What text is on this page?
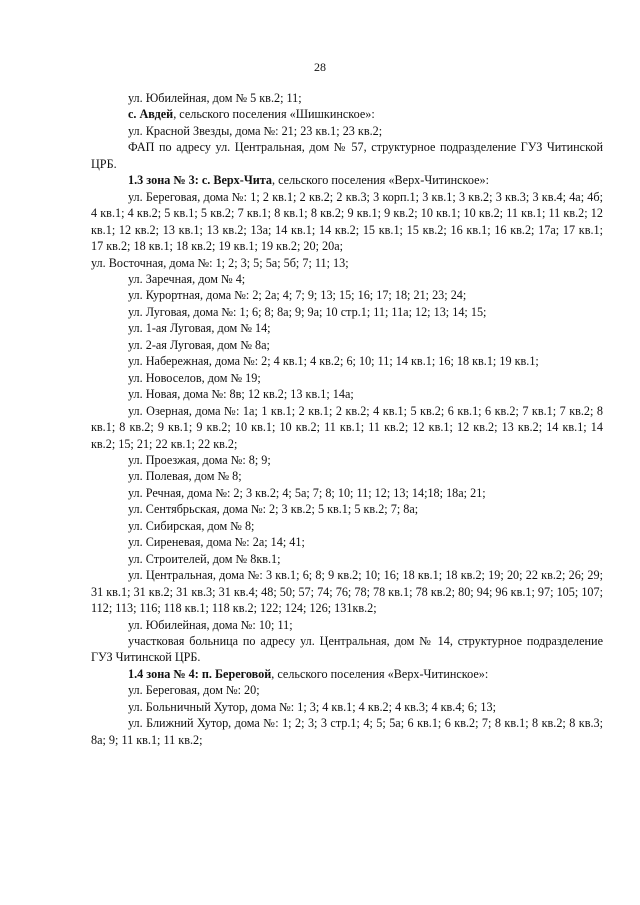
28

ул. Юбилейная, дом № 5 кв.2; 11;

с. Авдей, сельского поселения «Шишкинское»:

ул. Красной Звезды, дома №: 21; 23 кв.1; 23 кв.2;

ФАП по адресу ул. Центральная, дом № 57, структурное подразделение ГУЗ Читинской ЦРБ.

1.3 зона № 3: с. Верх-Чита, сельского поселения «Верх-Читинское»:

ул. Береговая, дома №: 1; 2 кв.1; 2 кв.2; 2 кв.3; 3 корп.1; 3 кв.1; 3 кв.2; 3 кв.3; 3 кв.4; 4а; 4б; 4 кв.1; 4 кв.2; 5 кв.1; 5 кв.2; 7 кв.1; 8 кв.1; 8 кв.2; 9 кв.1; 9 кв.2; 10 кв.1; 10 кв.2; 11 кв.1; 11 кв.2; 12 кв.1; 12 кв.2; 13 кв.1; 13 кв.2; 13а; 14 кв.1; 14 кв.2; 15 кв.1; 15 кв.2; 16 кв.1; 16 кв.2; 17а; 17 кв.1; 17 кв.2; 18 кв.1; 18 кв.2; 19 кв.1; 19 кв.2; 20; 20а;

ул. Восточная, дома №: 1; 2; 3; 5; 5а; 5б; 7; 11; 13;

ул. Заречная, дом № 4;

ул. Курортная, дома №: 2; 2а; 4; 7; 9; 13; 15; 16; 17; 18; 21; 23; 24;

ул. Луговая, дома №: 1; 6; 8; 8а; 9; 9а; 10 стр.1; 11; 11а; 12; 13; 14; 15;

ул. 1-ая Луговая, дом № 14;

ул. 2-ая Луговая, дом № 8а;

ул. Набережная, дома №: 2; 4 кв.1; 4 кв.2; 6; 10; 11; 14 кв.1; 16; 18 кв.1; 19 кв.1;

ул. Новоселов, дом № 19;

ул. Новая, дома №: 8в; 12 кв.2; 13 кв.1; 14а;

ул. Озерная, дома №: 1а; 1 кв.1; 2 кв.1; 2 кв.2; 4 кв.1; 5 кв.2; 6 кв.1; 6 кв.2; 7 кв.1; 7 кв.2; 8 кв.1; 8 кв.2; 9 кв.1; 9 кв.2; 10 кв.1; 10 кв.2; 11 кв.1; 11 кв.2; 12 кв.1; 12 кв.2; 13 кв.2; 14 кв.1; 14 кв.2; 15; 21; 22 кв.1; 22 кв.2;

ул. Проезжая, дома №: 8; 9;

ул. Полевая, дом № 8;

ул. Речная, дома №: 2; 3 кв.2; 4; 5а; 7; 8; 10; 11; 12; 13; 14;18; 18а; 21;

ул. Сентябрьская, дома №: 2; 3 кв.2; 5 кв.1; 5 кв.2; 7; 8а;

ул. Сибирская, дом № 8;

ул. Сиреневая, дома №: 2а; 14; 41;

ул. Строителей, дом № 8кв.1;

ул. Центральная, дома №: 3 кв.1; 6; 8; 9 кв.2; 10; 16; 18 кв.1; 18 кв.2; 19; 20; 22 кв.2; 26; 29; 31 кв.1; 31 кв.2; 31 кв.3; 31 кв.4; 48; 50; 57; 74; 76; 78; 78 кв.1; 78 кв.2; 80; 94; 96 кв.1; 97; 105; 107; 112; 113; 116; 118 кв.1; 118 кв.2; 122; 124; 126; 131кв.2;

ул. Юбилейная, дома №: 10; 11;

участковая больница по адресу ул. Центральная, дом № 14, структурное подразделение ГУЗ Читинской ЦРБ.

1.4 зона № 4: п. Береговой, сельского поселения «Верх-Читинское»:

ул. Береговая, дом №: 20;

ул. Больничный Хутор, дома №: 1; 3; 4 кв.1; 4 кв.2; 4 кв.3; 4 кв.4; 6; 13;

ул. Ближний Хутор, дома №: 1; 2; 3; 3 стр.1; 4; 5; 5а; 6 кв.1; 6 кв.2; 7; 8 кв.1; 8 кв.2; 8 кв.3; 8а; 9; 11 кв.1; 11 кв.2;
